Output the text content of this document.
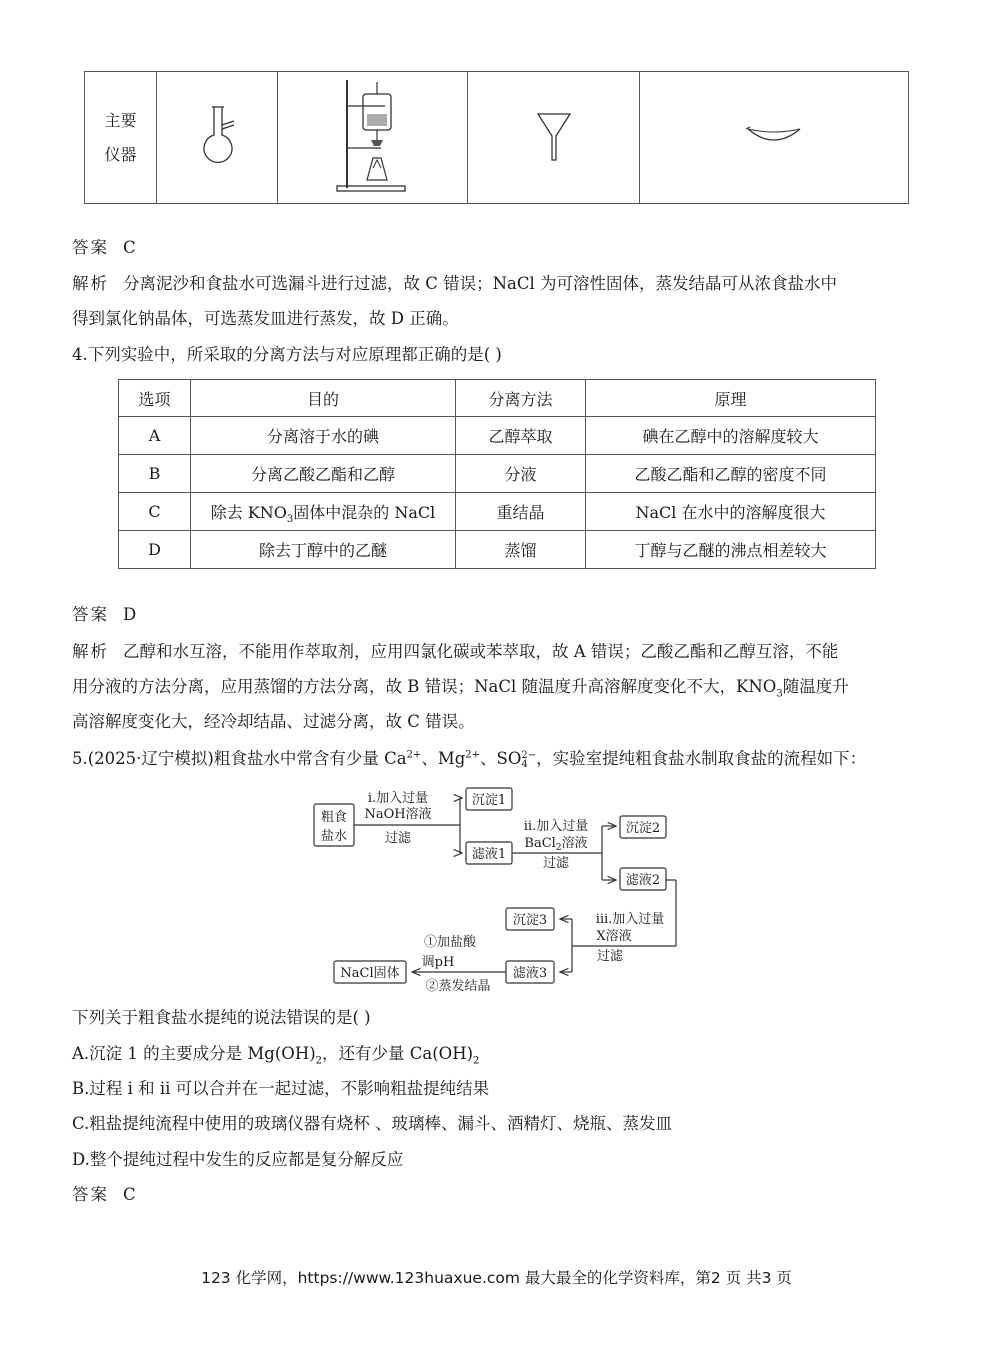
主要
仪器				
答案 C
解析 分离泥沙和食盐水可选漏斗进行过滤，故 C 错误；NaCl 为可溶性固体，蒸发结晶可从浓食盐水中
得到氯化钠晶体，可选蒸发皿进行蒸发，故 D 正确。
4.下列实验中，所采取的分离方法与对应原理都正确的是( )
选项	目的	分离方法	原理
A	分离溶于水的碘	乙醇萃取	碘在乙醇中的溶解度较大
B	分离乙酸乙酯和乙醇	分液	乙酸乙酯和乙醇的密度不同
C	除去 $KNO_3$固体中混杂的 NaCl	重结晶	NaCl 在水中的溶解度很大
D	除去丁醇中的乙醚	蒸馏	丁醇与乙醚的沸点相差较大
答案 D
解析 乙醇和水互溶，不能用作萃取剂，应用四氯化碳或苯萃取，故 A 错误；乙酸乙酯和乙醇互溶，不能
用分液的方法分离，应用蒸馏的方法分离，故 B 错误；NaCl 随温度升高溶解度变化不大，$KNO_3$随温度升
高溶解度变化大，经冷却结晶、过滤分离，故 C 错误。
5.(2025·辽宁模拟)粗食盐水中常含有少量 $Ca^{2+}$、$Mg^{2+}$、SO2−
4 ，实验室提纯粗食盐水制取食盐的流程如下：
粗食
盐水
ⅰ.加入过量
NaOH溶液
过滤
沉淀1
滤液1
ⅱ.加入过量
BaCl$_2$溶液
过滤
沉淀2
滤液2
ⅲ.加入过量
X溶液
过滤
沉淀3
滤液3
①加盐酸
调pH
②蒸发结晶
NaCl固体
下列关于粗食盐水提纯的说法错误的是( )
A.沉淀 1 的主要成分是 $Mg(OH)_2$，还有少量 $Ca(OH)_2$
B.过程 ⅰ 和 ⅱ 可以合并在一起过滤，不影响粗盐提纯结果
C.粗盐提纯流程中使用的玻璃仪器有烧杯 、玻璃棒、漏斗、酒精灯、烧瓶、蒸发皿
D.整个提纯过程中发生的反应都是复分解反应
答案 C
123 化学网，https://www.123huaxue.com 最大最全的化学资料库，第2 页 共3 页
